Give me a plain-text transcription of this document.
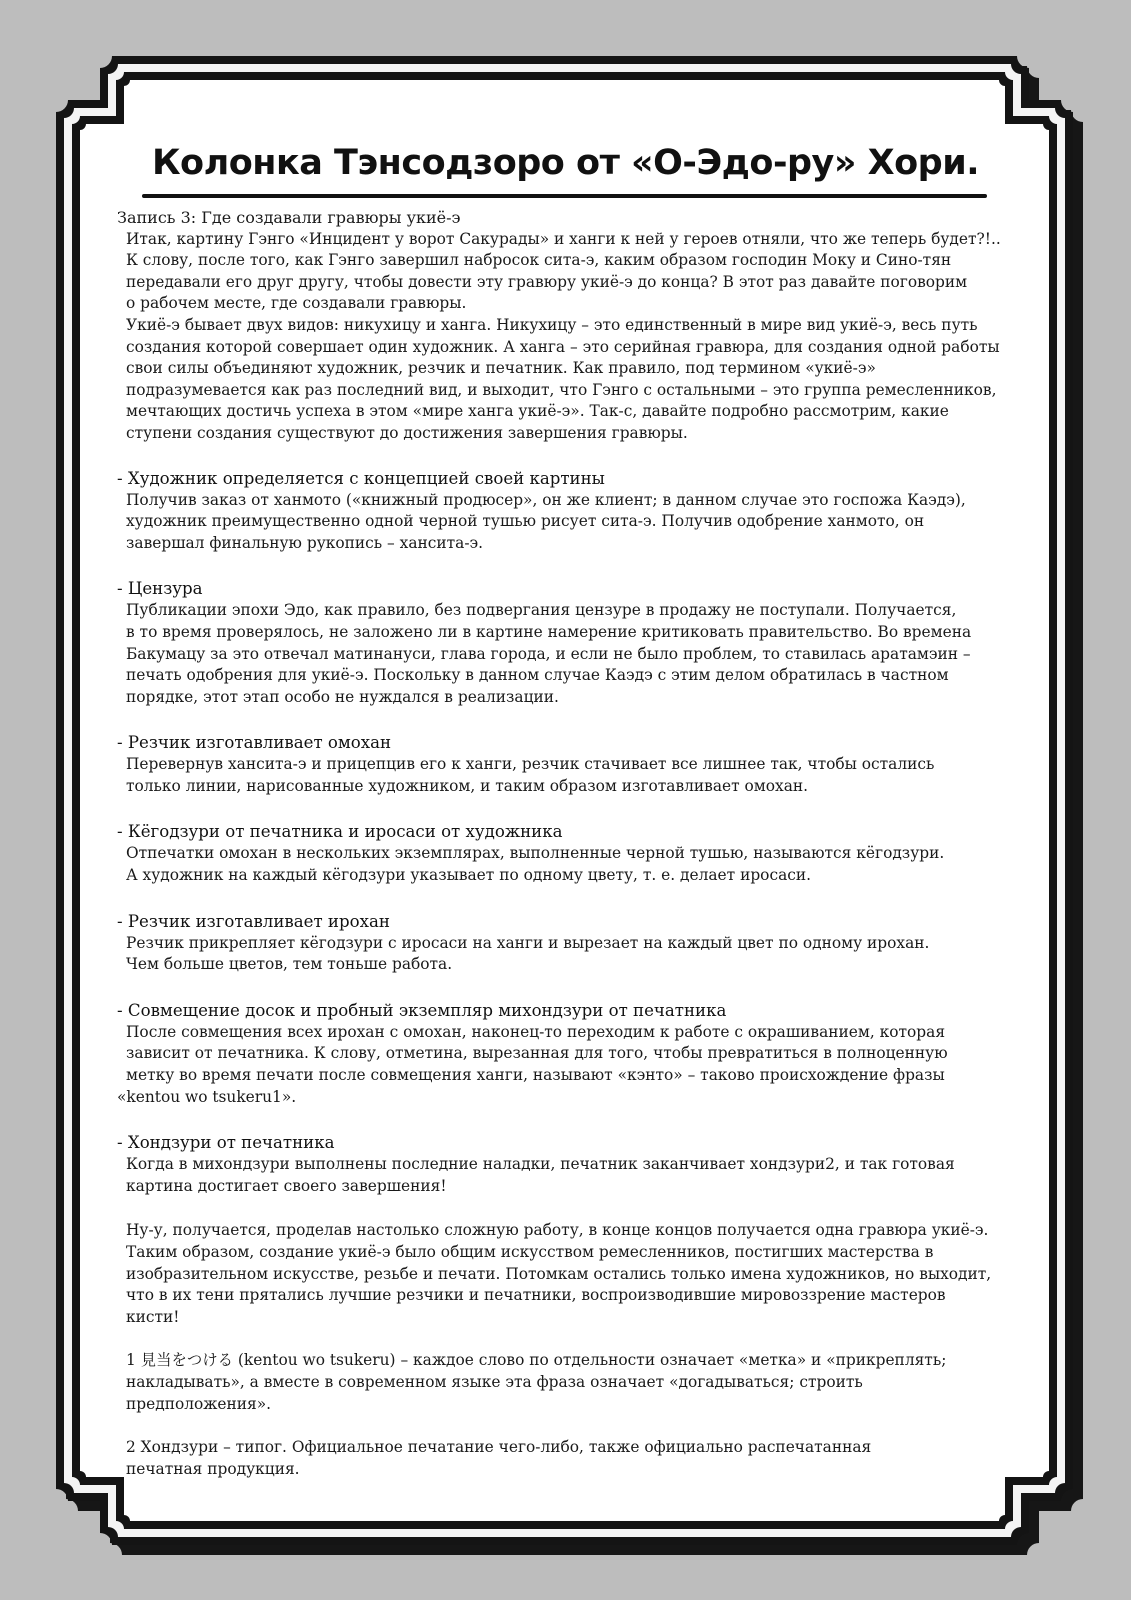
Колонка Тэнсодзоро от «О-Эдо-ру» Хори.

Запись 3: Где создавали гравюры укиё-э

Итак, картину Гэнго «Инцидент у ворот Сакурады» и ханги к ней у героев отняли, что же теперь будет?!..
К слову, после того, как Гэнго завершил набросок сита-э, каким образом господин Моку и Сино-тян
передавали его друг другу, чтобы довести эту гравюру укиё-э до конца? В этот раз давайте поговорим
о рабочем месте, где создавали гравюры.
Укиё-э бывает двух видов: никухицу и ханга. Никухицу – это единственный в мире вид укиё-э, весь путь
создания которой совершает один художник. А ханга – это серийная гравюра, для создания одной работы
свои силы объединяют художник, резчик и печатник. Как правило, под термином «укиё-э»
подразумевается как раз последний вид, и выходит, что Гэнго с остальными – это группа ремесленников,
мечтающих достичь успеха в этом «мире ханга укиё-э». Так-с, давайте подробно рассмотрим, какие
ступени создания существуют до достижения завершения гравюры.
- Художник определяется с концепцией своей картины
Получив заказ от ханмото («книжный продюсер», он же клиент; в данном случае это госпожа Каэдэ),
художник преимущественно одной черной тушью рисует сита-э. Получив одобрение ханмото, он
завершал финальную рукопись – хансита-э.
- Цензура
Публикации эпохи Эдо, как правило, без подвергания цензуре в продажу не поступали. Получается,
в то время проверялось, не заложено ли в картине намерение критиковать правительство. Во времена
Бакумацу за это отвечал матинануси, глава города, и если не было проблем, то ставилась аратамэин –
печать одобрения для укиё-э. Поскольку в данном случае Каэдэ с этим делом обратилась в частном
порядке, этот этап особо не нуждался в реализации.
- Резчик изготавливает омохан
Перевернув хансита-э и прицепцив его к ханги, резчик стачивает все лишнее так, чтобы остались
только линии, нарисованные художником, и таким образом изготавливает омохан.
- Кёгодзури от печатника и иросаси от художника
Отпечатки омохан в нескольких экземплярах, выполненные черной тушью, называются кёгодзури.
А художник на каждый кёгодзури указывает по одному цвету, т. е. делает иросаси.
- Резчик изготавливает ирохан
Резчик прикрепляет кёгодзури с иросаси на ханги и вырезает на каждый цвет по одному ирохан.
Чем больше цветов, тем тоньше работа.
- Совмещение досок и пробный экземпляр михондзури от печатника
После совмещения всех ирохан с омохан, наконец-то переходим к работе с окрашиванием, которая
зависит от печатника. К слову, отметина, вырезанная для того, чтобы превратиться в полноценную
метку во время печати после совмещения ханги, называют «кэнто» – таково происхождение фразы
«kentou wo tsukeru1».
- Хондзури от печатника
Когда в михондзури выполнены последние наладки, печатник заканчивает хондзури2, и так готовая
картина достигает своего завершения!
Ну-у, получается, проделав настолько сложную работу, в конце концов получается одна гравюра укиё-э.
Таким образом, создание укиё-э было общим искусством ремесленников, постигших мастерства в
изобразительном искусстве, резьбе и печати. Потомкам остались только имена художников, но выходит,
что в их тени прятались лучшие резчики и печатники, воспроизводившие мировоззрение мастеров
кисти!
1 見当をつける (kentou wo tsukeru) – каждое слово по отдельности означает «метка» и «прикреплять;
накладывать», а вместе в современном языке эта фраза означает «догадываться; строить
предположения».
2 Хондзури – типог. Официальное печатание чего-либо, также официально распечатанная
печатная продукция.
